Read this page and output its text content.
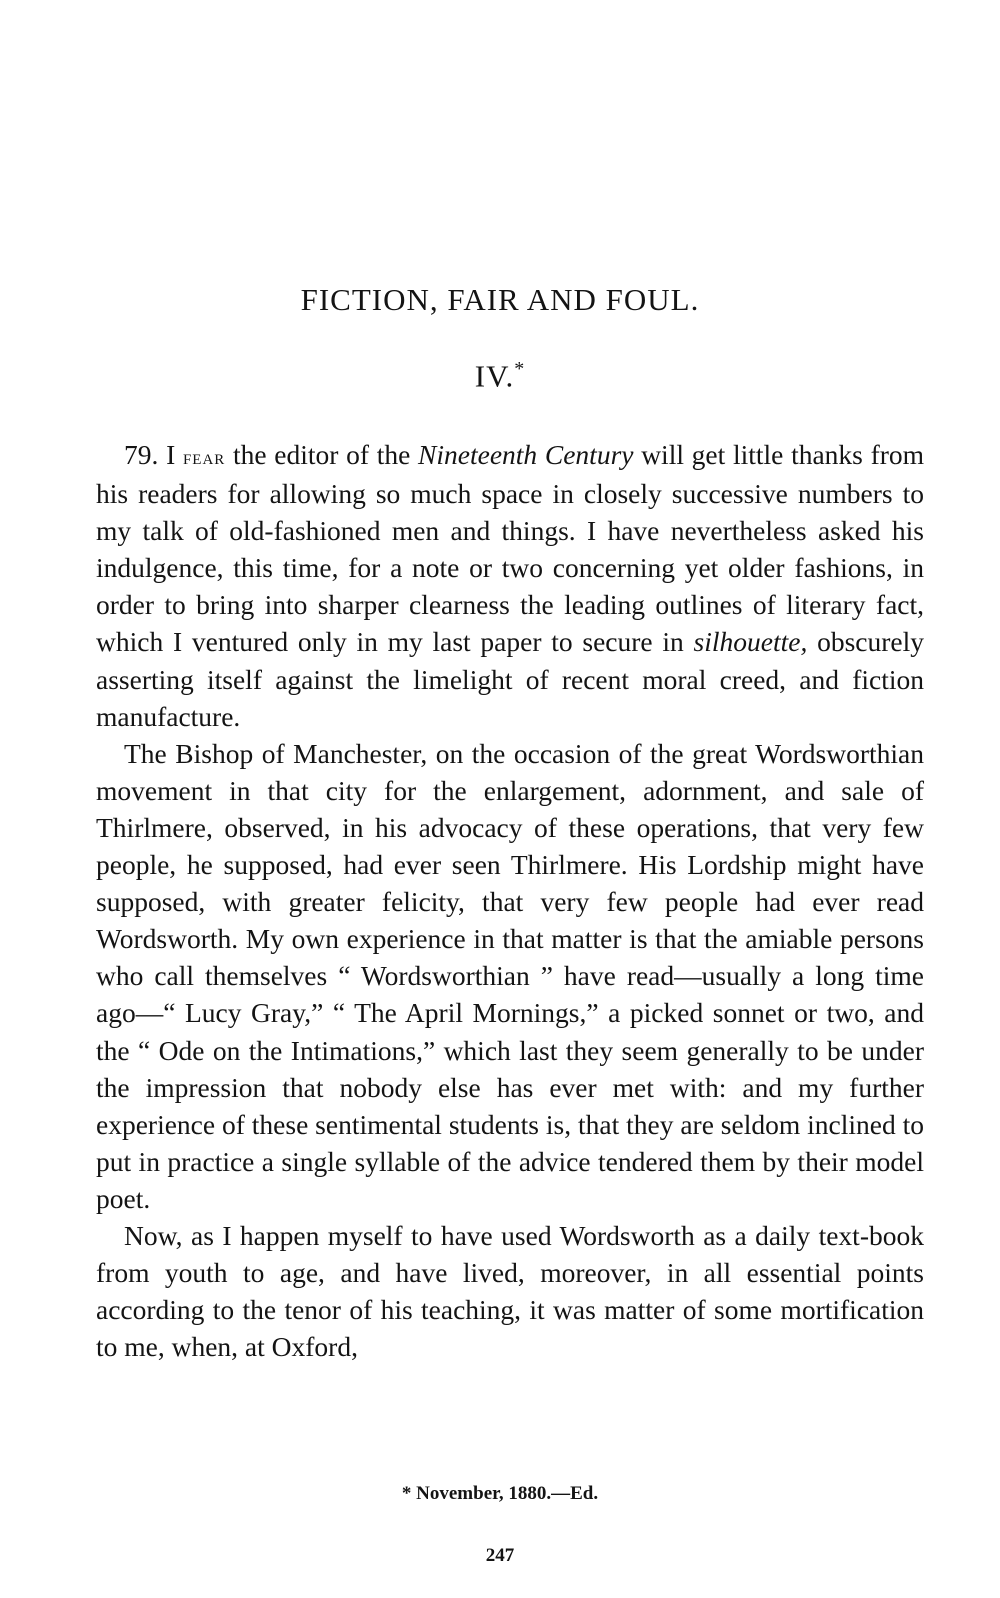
FICTION, FAIR AND FOUL.
IV.*

79. I fear the editor of the Nineteenth Century will get little thanks from his readers for allowing so much space in closely successive numbers to my talk of old-fashioned men and things. I have nevertheless asked his indulgence, this time, for a note or two concerning yet older fashions, in order to bring into sharper clearness the leading outlines of literary fact, which I ventured only in my last paper to secure in silhouette, obscurely asserting itself against the limelight of recent moral creed, and fiction manufacture.

The Bishop of Manchester, on the occasion of the great Wordsworthian movement in that city for the enlargement, adornment, and sale of Thirlmere, observed, in his advocacy of these operations, that very few people, he supposed, had ever seen Thirlmere. His Lordship might have supposed, with greater felicity, that very few people had ever read Wordsworth. My own experience in that matter is that the amiable persons who call themselves “ Wordsworthian ” have read—usually a long time ago—“ Lucy Gray,” “ The April Mornings,” a picked sonnet or two, and the “ Ode on the Intimations,” which last they seem generally to be under the impression that nobody else has ever met with: and my further experience of these sentimental students is, that they are seldom inclined to put in practice a single syllable of the advice tendered them by their model poet.

Now, as I happen myself to have used Wordsworth as a daily text-book from youth to age, and have lived, moreover, in all essential points according to the tenor of his teaching, it was matter of some mortification to me, when, at Oxford,

* November, 1880.—Ed.
247
